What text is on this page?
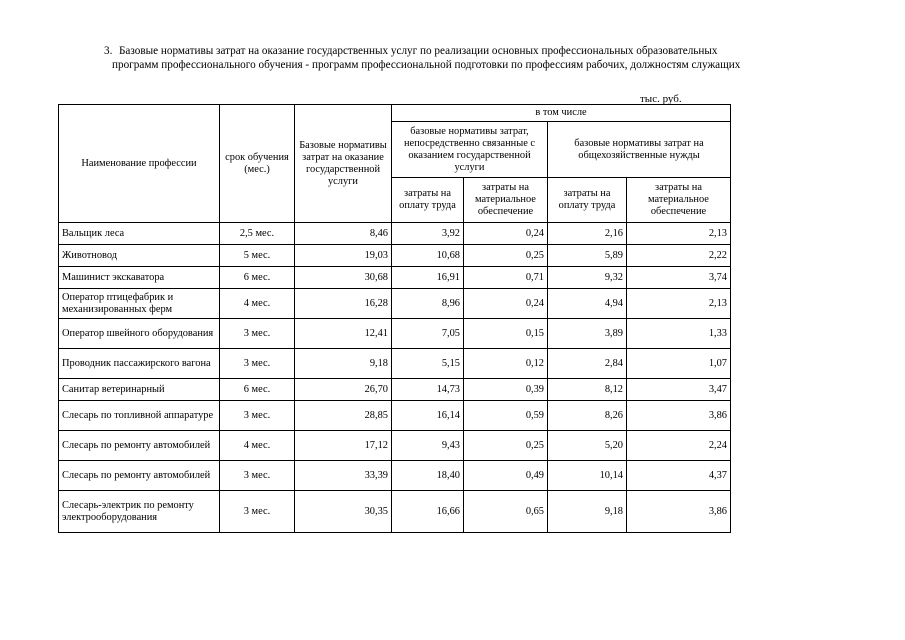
3. Базовые нормативы затрат на оказание государственных услуг по реализации основных профессиональных образовательных
программ профессионального обучения - программ профессиональной подготовки по профессиям рабочих, должностям служащих
тыс. руб.
Наименование профессии	срок обучения (мес.)	Базовые нормативы затрат на оказание государственной услуги	в том числе			
			базовые нормативы затрат, непосредственно связанные с оказанием государственной услуги		базовые нормативы затрат на общехозяйственные нужды	
			затраты на оплату труда	затраты на материальное обеспечение	затраты на оплату труда	затраты на материальное обеспечение
Вальщик леса	2,5 мес.	8,46	3,92	0,24	2,16	2,13
Животновод	5 мес.	19,03	10,68	0,25	5,89	2,22
Машинист экскаватора	6 мес.	30,68	16,91	0,71	9,32	3,74
Оператор птицефабрик и механизированных ферм	4 мес.	16,28	8,96	0,24	4,94	2,13
Оператор швейного оборудования	3 мес.	12,41	7,05	0,15	3,89	1,33
Проводник пассажирского вагона	3 мес.	9,18	5,15	0,12	2,84	1,07
Санитар ветеринарный	6 мес.	26,70	14,73	0,39	8,12	3,47
Слесарь по топливной аппаратуре	3 мес.	28,85	16,14	0,59	8,26	3,86
Слесарь по ремонту автомобилей	4 мес.	17,12	9,43	0,25	5,20	2,24
Слесарь по ремонту автомобилей	3 мес.	33,39	18,40	0,49	10,14	4,37
Слесарь-электрик по ремонту электрооборудования	3 мес.	30,35	16,66	0,65	9,18	3,86
